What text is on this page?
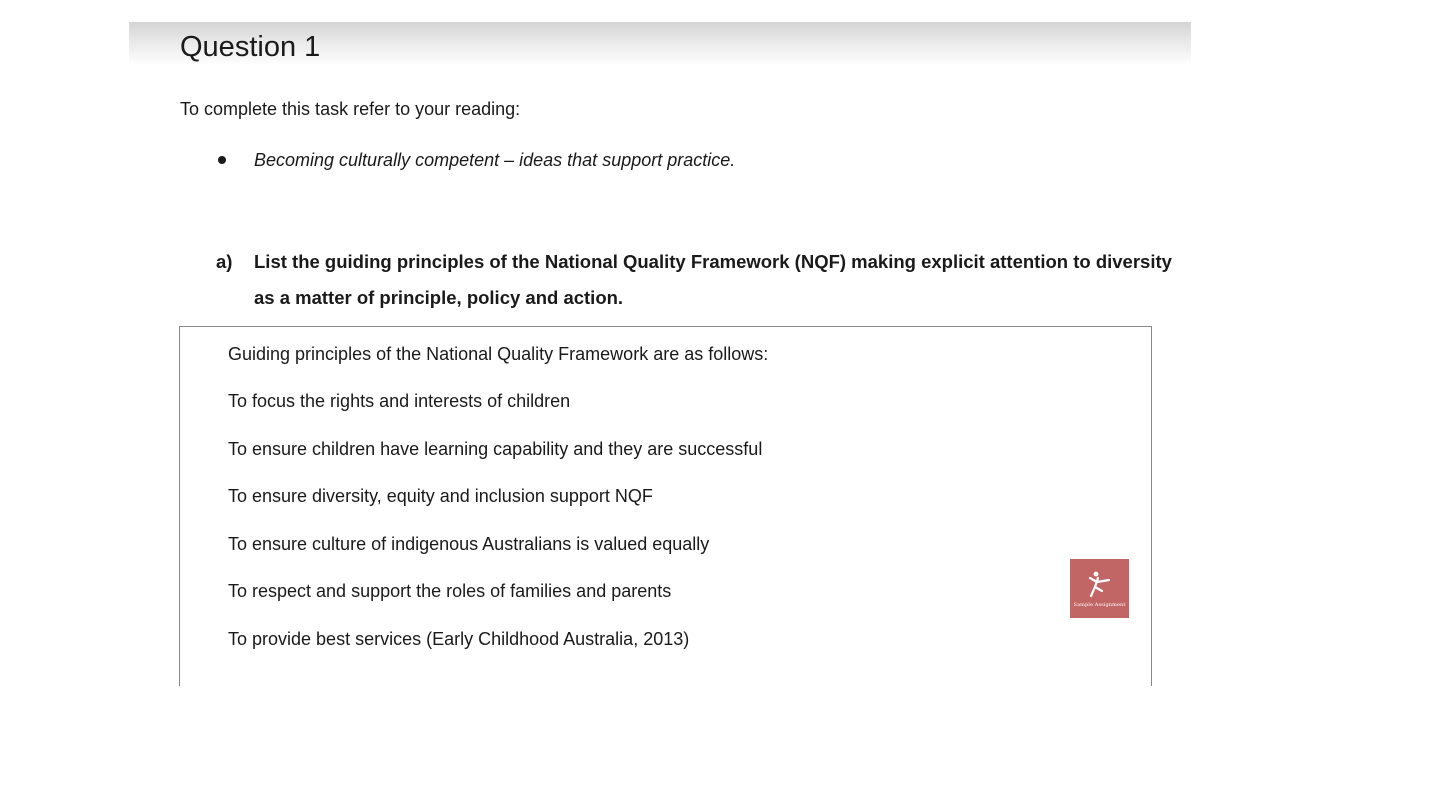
Question 1
To complete this task refer to your reading:
Becoming culturally competent – ideas that support practice.
a)	List the guiding principles of the National Quality Framework (NQF) making explicit attention to diversity as a matter of principle, policy and action.
Guiding principles of the National Quality Framework are as follows:
To focus the rights and interests of children
To ensure children have learning capability and they are successful
To ensure diversity, equity and inclusion support NQF
To ensure culture of indigenous Australians is valued equally
To respect and support the roles of families and parents
To provide best services (Early Childhood Australia, 2013)
Sample Assignment
